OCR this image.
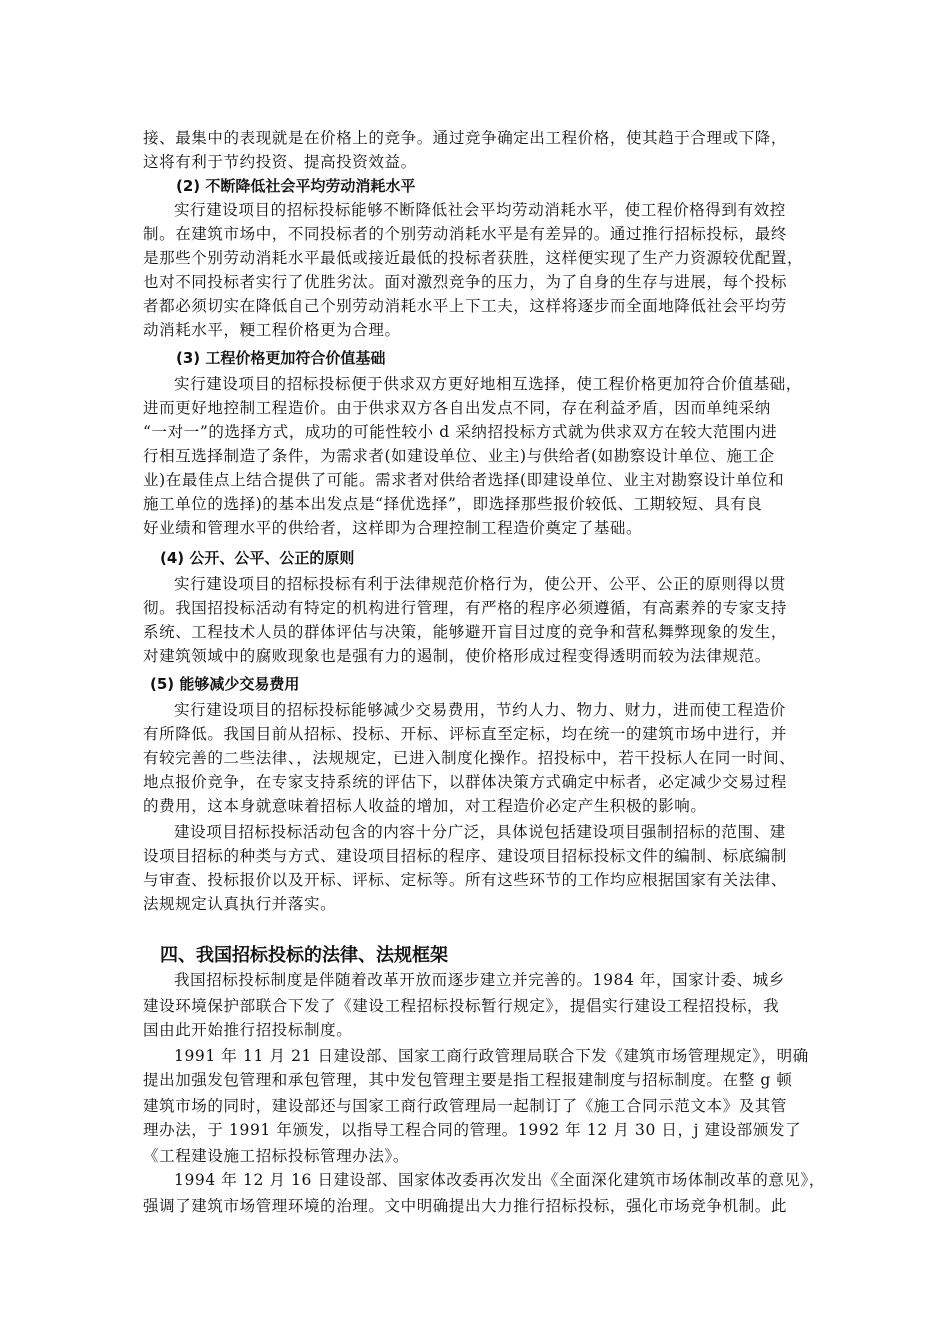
接、最集中的表现就是在价格上的竞争。通过竞争确定出工程价格，使其趋于合理或下降，
这将有利于节约投资、提高投资效益。
(2) 不断降低社会平均劳动消耗水平
实行建设项目的招标投标能够不断降低社会平均劳动消耗水平，使工程价格得到有效控
制。在建筑市场中，不同投标者的个别劳动消耗水平是有差异的。通过推行招标投标，最终
是那些个别劳动消耗水平最低或接近最低的投标者获胜，这样便实现了生产力资源较优配置，
也对不同投标者实行了优胜劣汰。面对激烈竞争的压力，为了自身的生存与进展，每个投标
者都必须切实在降低自己个别劳动消耗水平上下工夫，这样将逐步而全面地降低社会平均劳
动消耗水平，粳工程价格更为合理。
(3) 工程价格更加符合价值基础
实行建设项目的招标投标便于供求双方更好地相互选择，使工程价格更加符合价值基础，
进而更好地控制工程造价。由于供求双方各自出发点不同，存在利益矛盾，因而单纯采纳
“一对一”的选择方式，成功的可能性较小 d 采纳招投标方式就为供求双方在较大范围内进
行相互选择制造了条件，为需求者(如建设单位、业主)与供给者(如勘察设计单位、施工企
业)在最佳点上结合提供了可能。需求者对供给者选择(即建设单位、业主对勘察设计单位和
施工单位的选择)的基本出发点是“择优选择”，即选择那些报价较低、工期较短、具有良
好业绩和管理水平的供给者，这样即为合理控制工程造价奠定了基础。
(4) 公开、公平、公正的原则
实行建设项目的招标投标有利于法律规范价格行为，使公开、公平、公正的原则得以贯
彻。我国招投标活动有特定的机构进行管理，有严格的程序必须遵循，有高素养的专家支持
系统、工程技术人员的群体评估与决策，能够避开盲目过度的竞争和营私舞弊现象的发生，
对建筑领域中的腐败现象也是强有力的遏制，使价格形成过程变得透明而较为法律规范。
(5) 能够减少交易费用
实行建设项目的招标投标能够减少交易费用，节约人力、物力、财力，进而使工程造价
有所降低。我国目前从招标、投标、开标、评标直至定标，均在统一的建筑市场中进行，并
有较完善的二些法律、，法规规定，已进入制度化操作。招投标中，若干投标人在同一时间、
地点报价竞争，在专家支持系统的评估下，以群体决策方式确定中标者，必定减少交易过程
的费用，这本身就意味着招标人收益的增加，对工程造价必定产生积极的影响。
建设项目招标投标活动包含的内容十分广泛，具体说包括建设项目强制招标的范围、建
设项目招标的种类与方式、建设项目招标的程序、建设项目招标投标文件的编制、标底编制
与审查、投标报价以及开标、评标、定标等。所有这些环节的工作均应根据国家有关法律、
法规规定认真执行并落实。
四、我国招标投标的法律、法规框架
我国招标投标制度是伴随着改革开放而逐步建立并完善的。1984 年，国家计委、城乡
建设环境保护部联合下发了《建设工程招标投标暂行规定》，提倡实行建设工程招投标，我
国由此开始推行招投标制度。
1991 年 11 月 21 日建设部、国家工商行政管理局联合下发《建筑市场管理规定》，明确
提出加强发包管理和承包管理，其中发包管理主要是指工程报建制度与招标制度。在整 g 顿
建筑市场的同时，建设部还与国家工商行政管理局一起制订了《施工合同示范文本》及其管
理办法，于 1991 年颁发，以指导工程合同的管理。1992 年 12 月 30 日，j 建设部颁发了
《工程建设施工招标投标管理办法》。
1994 年 12 月 16 日建设部、国家体改委再次发出《全面深化建筑市场体制改革的意见》，
强调了建筑市场管理环境的治理。文中明确提出大力推行招标投标，强化市场竞争机制。此
